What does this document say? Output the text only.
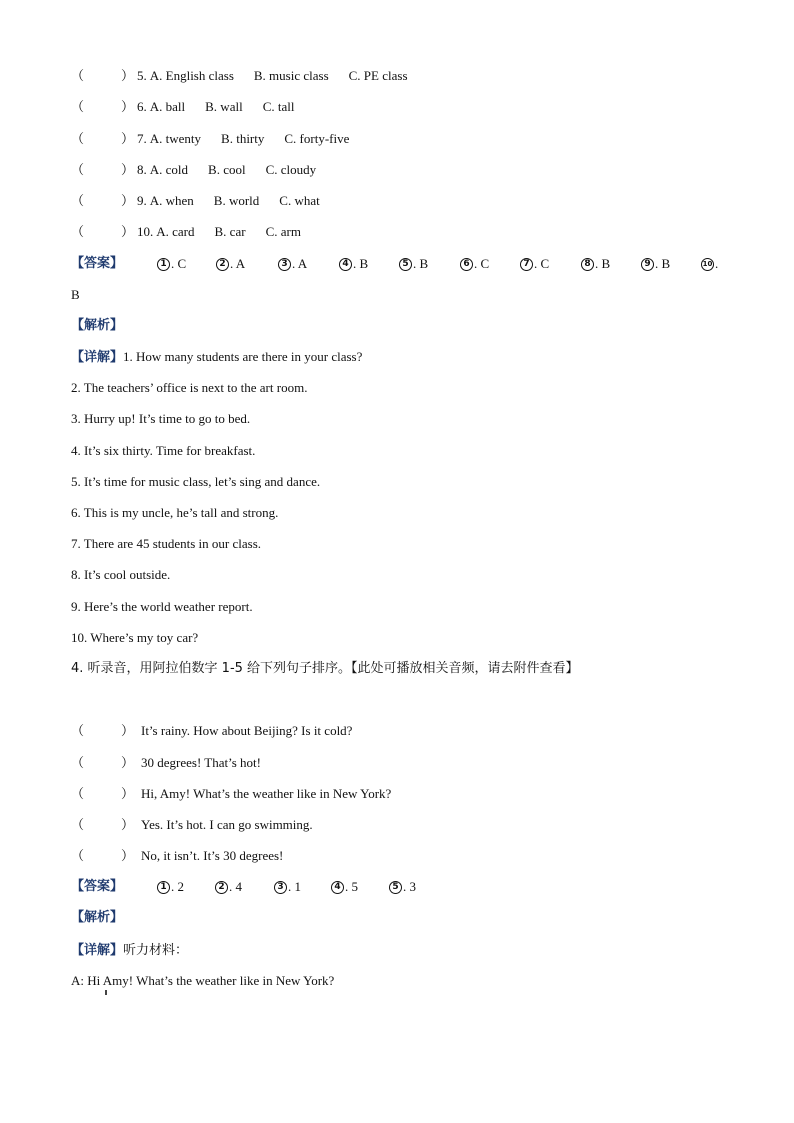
（	） 5. A. English class B. music class C. PE class
（	） 6. A. ball B. wall C. tall
（	） 7. A. twenty B. thirty C. forty-five
（	） 8. A. cold B. cool C. cloudy
（	） 9. A. when B. world C. what
（	） 10. A. card B. car C. arm
【答案】	1 . C	2 . A	3 . A	4 . B	5 . B	6 . C	7 . C	8 . B	9 . B	10 .
B
【解析】
【详解】1. How many students are there in your class?
2. The teachers’ office is next to the art room.
3. Hurry up! It’s time to go to bed.
4. It’s six thirty. Time for breakfast.
5. It’s time for music class, let’s sing and dance.
6. This is my uncle, he’s tall and strong.
7. There are 45 students in our class.
8. It’s cool outside.
9. Here’s the world weather report.
10. Where’s my toy car?
4. 听录音，用阿拉伯数字 1-5 给下列句子排序。【此处可播放相关音频，请去附件查看】
（	） It’s rainy. How about Beijing? Is it cold?
（	） 30 degrees! That’s hot!
（	） Hi, Amy! What’s the weather like in New York?
（	） Yes. It’s hot. I can go swimming.
（	） No, it isn’t. It’s 30 degrees!
【答案】	1 . 2	2 . 4	3 . 1	4 . 5	5 . 3
【解析】
【详解】听力材料：
A: Hi Amy! What’s the weather like in New York?
